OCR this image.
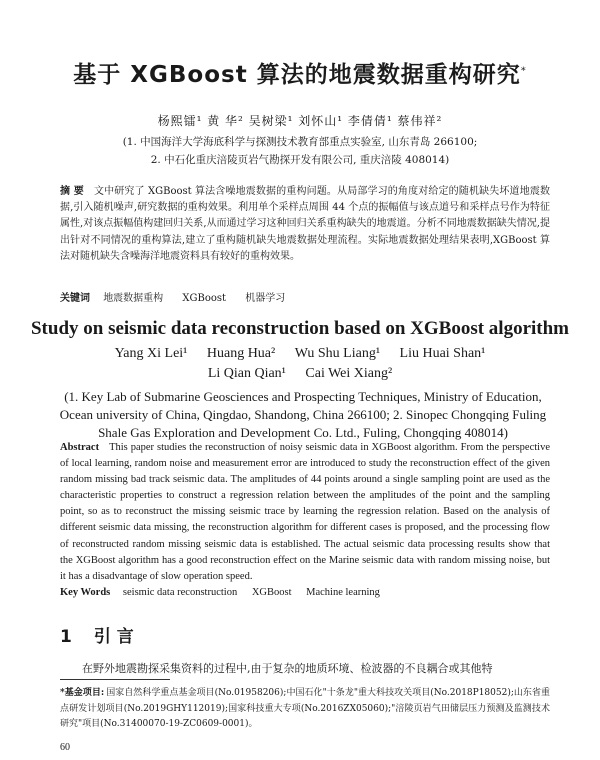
基于 XGBoost 算法的地震数据重构研究*
杨熙镭¹ 黄 华² 吴树梁¹ 刘怀山¹ 李倩倩¹ 蔡伟祥²
(1. 中国海洋大学海底科学与探测技术教育部重点实验室, 山东青岛 266100;
2. 中石化重庆涪陵页岩气勘探开发有限公司, 重庆涪陵 408014)
摘 要 文中研究了 XGBoost 算法含噪地震数据的重构问题。从局部学习的角度对给定的随机缺失坏道地震数据,引入随机噪声,研究数据的重构效果。利用单个采样点周围 44 个点的振幅值与该点道号和采样点号作为特征属性,对该点振幅值构建回归关系,从而通过学习这种回归关系重构缺失的地震道。分析不同地震数据缺失情况,提出针对不同情况的重构算法,建立了重构随机缺失地震数据处理流程。实际地震数据处理结果表明,XGBoost 算法对随机缺失含噪海洋地震资料具有较好的重构效果。
关键词 地震数据重构 XGBoost 机器学习
Study on seismic data reconstruction based on XGBoost algorithm
Yang Xi Lei¹ Huang Hua² Wu Shu Liang¹ Liu Huai Shan¹
Li Qian Qian¹ Cai Wei Xiang²
(1. Key Lab of Submarine Geosciences and Prospecting Techniques, Ministry of Education, Ocean university of China, Qingdao, Shandong, China 266100; 2. Sinopec Chongqing Fuling Shale Gas Exploration and Development Co. Ltd., Fuling, Chongqing 408014)
Abstract This paper studies the reconstruction of noisy seismic data in XGBoost algorithm. From the perspective of local learning, random noise and measurement error are introduced to study the reconstruction effect of the given random missing bad track seismic data. The amplitudes of 44 points around a single sampling point are used as the characteristic properties to construct a regression relation between the amplitudes of the point and the sampling point, so as to reconstruct the missing seismic trace by learning the regression relation. Based on the analysis of different seismic data missing, the reconstruction algorithm for different cases is proposed, and the processing flow of reconstructed random missing seismic data is established. The actual seismic data processing results show that the XGBoost algorithm has a good reconstruction effect on the Marine seismic data with random missing noise, but it has a disadvantage of slow operation speed.
Key Words seismic data reconstruction XGBoost Machine learning
1 引 言
在野外地震勘探采集资料的过程中,由于复杂的地质环境、检波器的不良耦合或其他特
*基金项目: 国家自然科学重点基金项目(No.01958206);中国石化"十条龙"重大科技攻关项目(No.2018P18052);山东省重点研发计划项目(No.2019GHY112019);国家科技重大专项(No.2016ZX05060);"涪陵页岩气田储层压力预测及监测技术研究"项目(No.31400070-19-ZC0609-0001)。
60
